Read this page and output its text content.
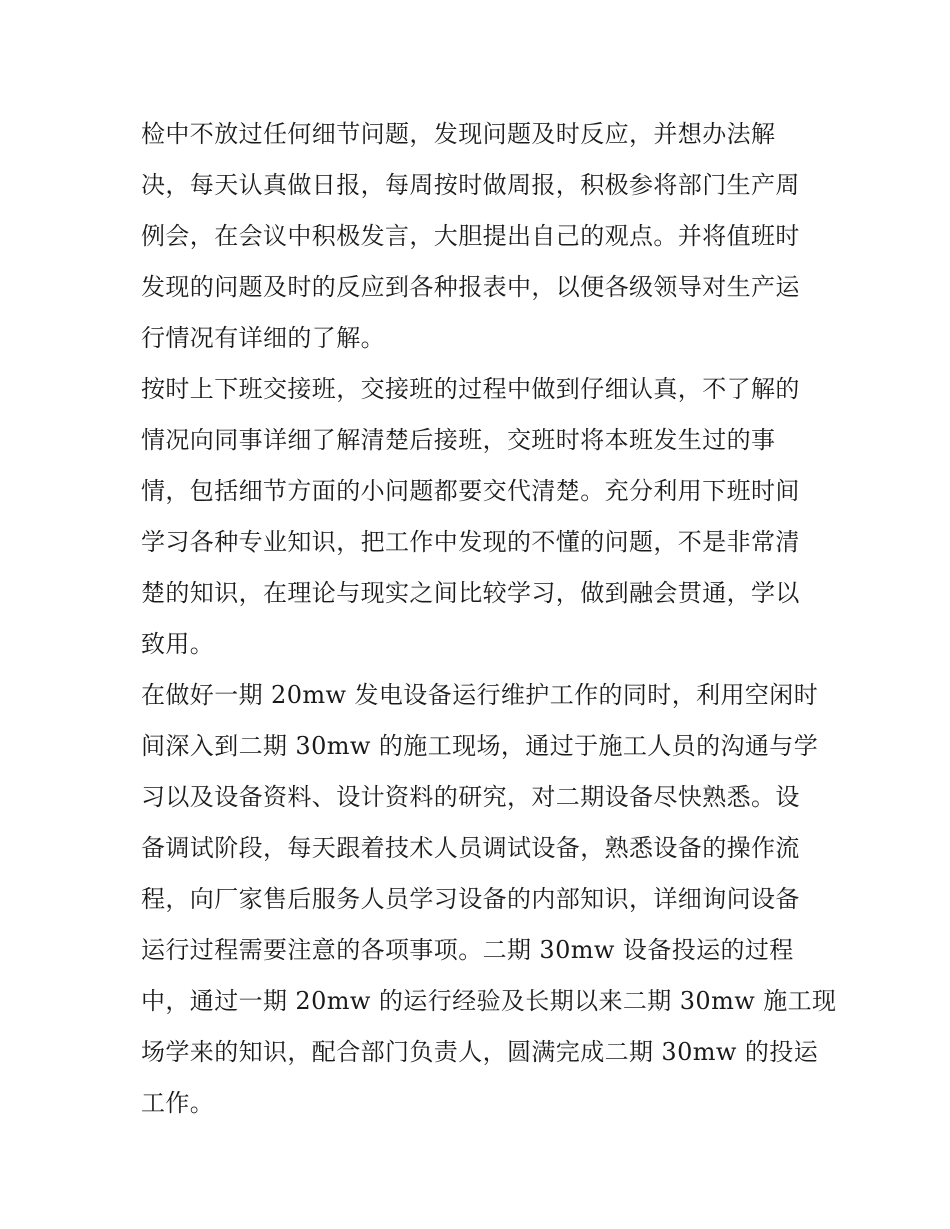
检中不放过任何细节问题，发现问题及时反应，并想办法解
决，每天认真做日报，每周按时做周报，积极参将部门生产周
例会，在会议中积极发言，大胆提出自己的观点。并将值班时
发现的问题及时的反应到各种报表中，以便各级领导对生产运
行情况有详细的了解。
按时上下班交接班，交接班的过程中做到仔细认真，不了解的
情况向同事详细了解清楚后接班，交班时将本班发生过的事
情，包括细节方面的小问题都要交代清楚。充分利用下班时间
学习各种专业知识，把工作中发现的不懂的问题，不是非常清
楚的知识，在理论与现实之间比较学习，做到融会贯通，学以
致用。
在做好一期 20mw 发电设备运行维护工作的同时，利用空闲时
间深入到二期 30mw 的施工现场，通过于施工人员的沟通与学
习以及设备资料、设计资料的研究，对二期设备尽快熟悉。设
备调试阶段，每天跟着技术人员调试设备，熟悉设备的操作流
程，向厂家售后服务人员学习设备的内部知识，详细询问设备
运行过程需要注意的各项事项。二期 30mw 设备投运的过程
中，通过一期 20mw 的运行经验及长期以来二期 30mw 施工现
场学来的知识，配合部门负责人，圆满完成二期 30mw 的投运
工作。
